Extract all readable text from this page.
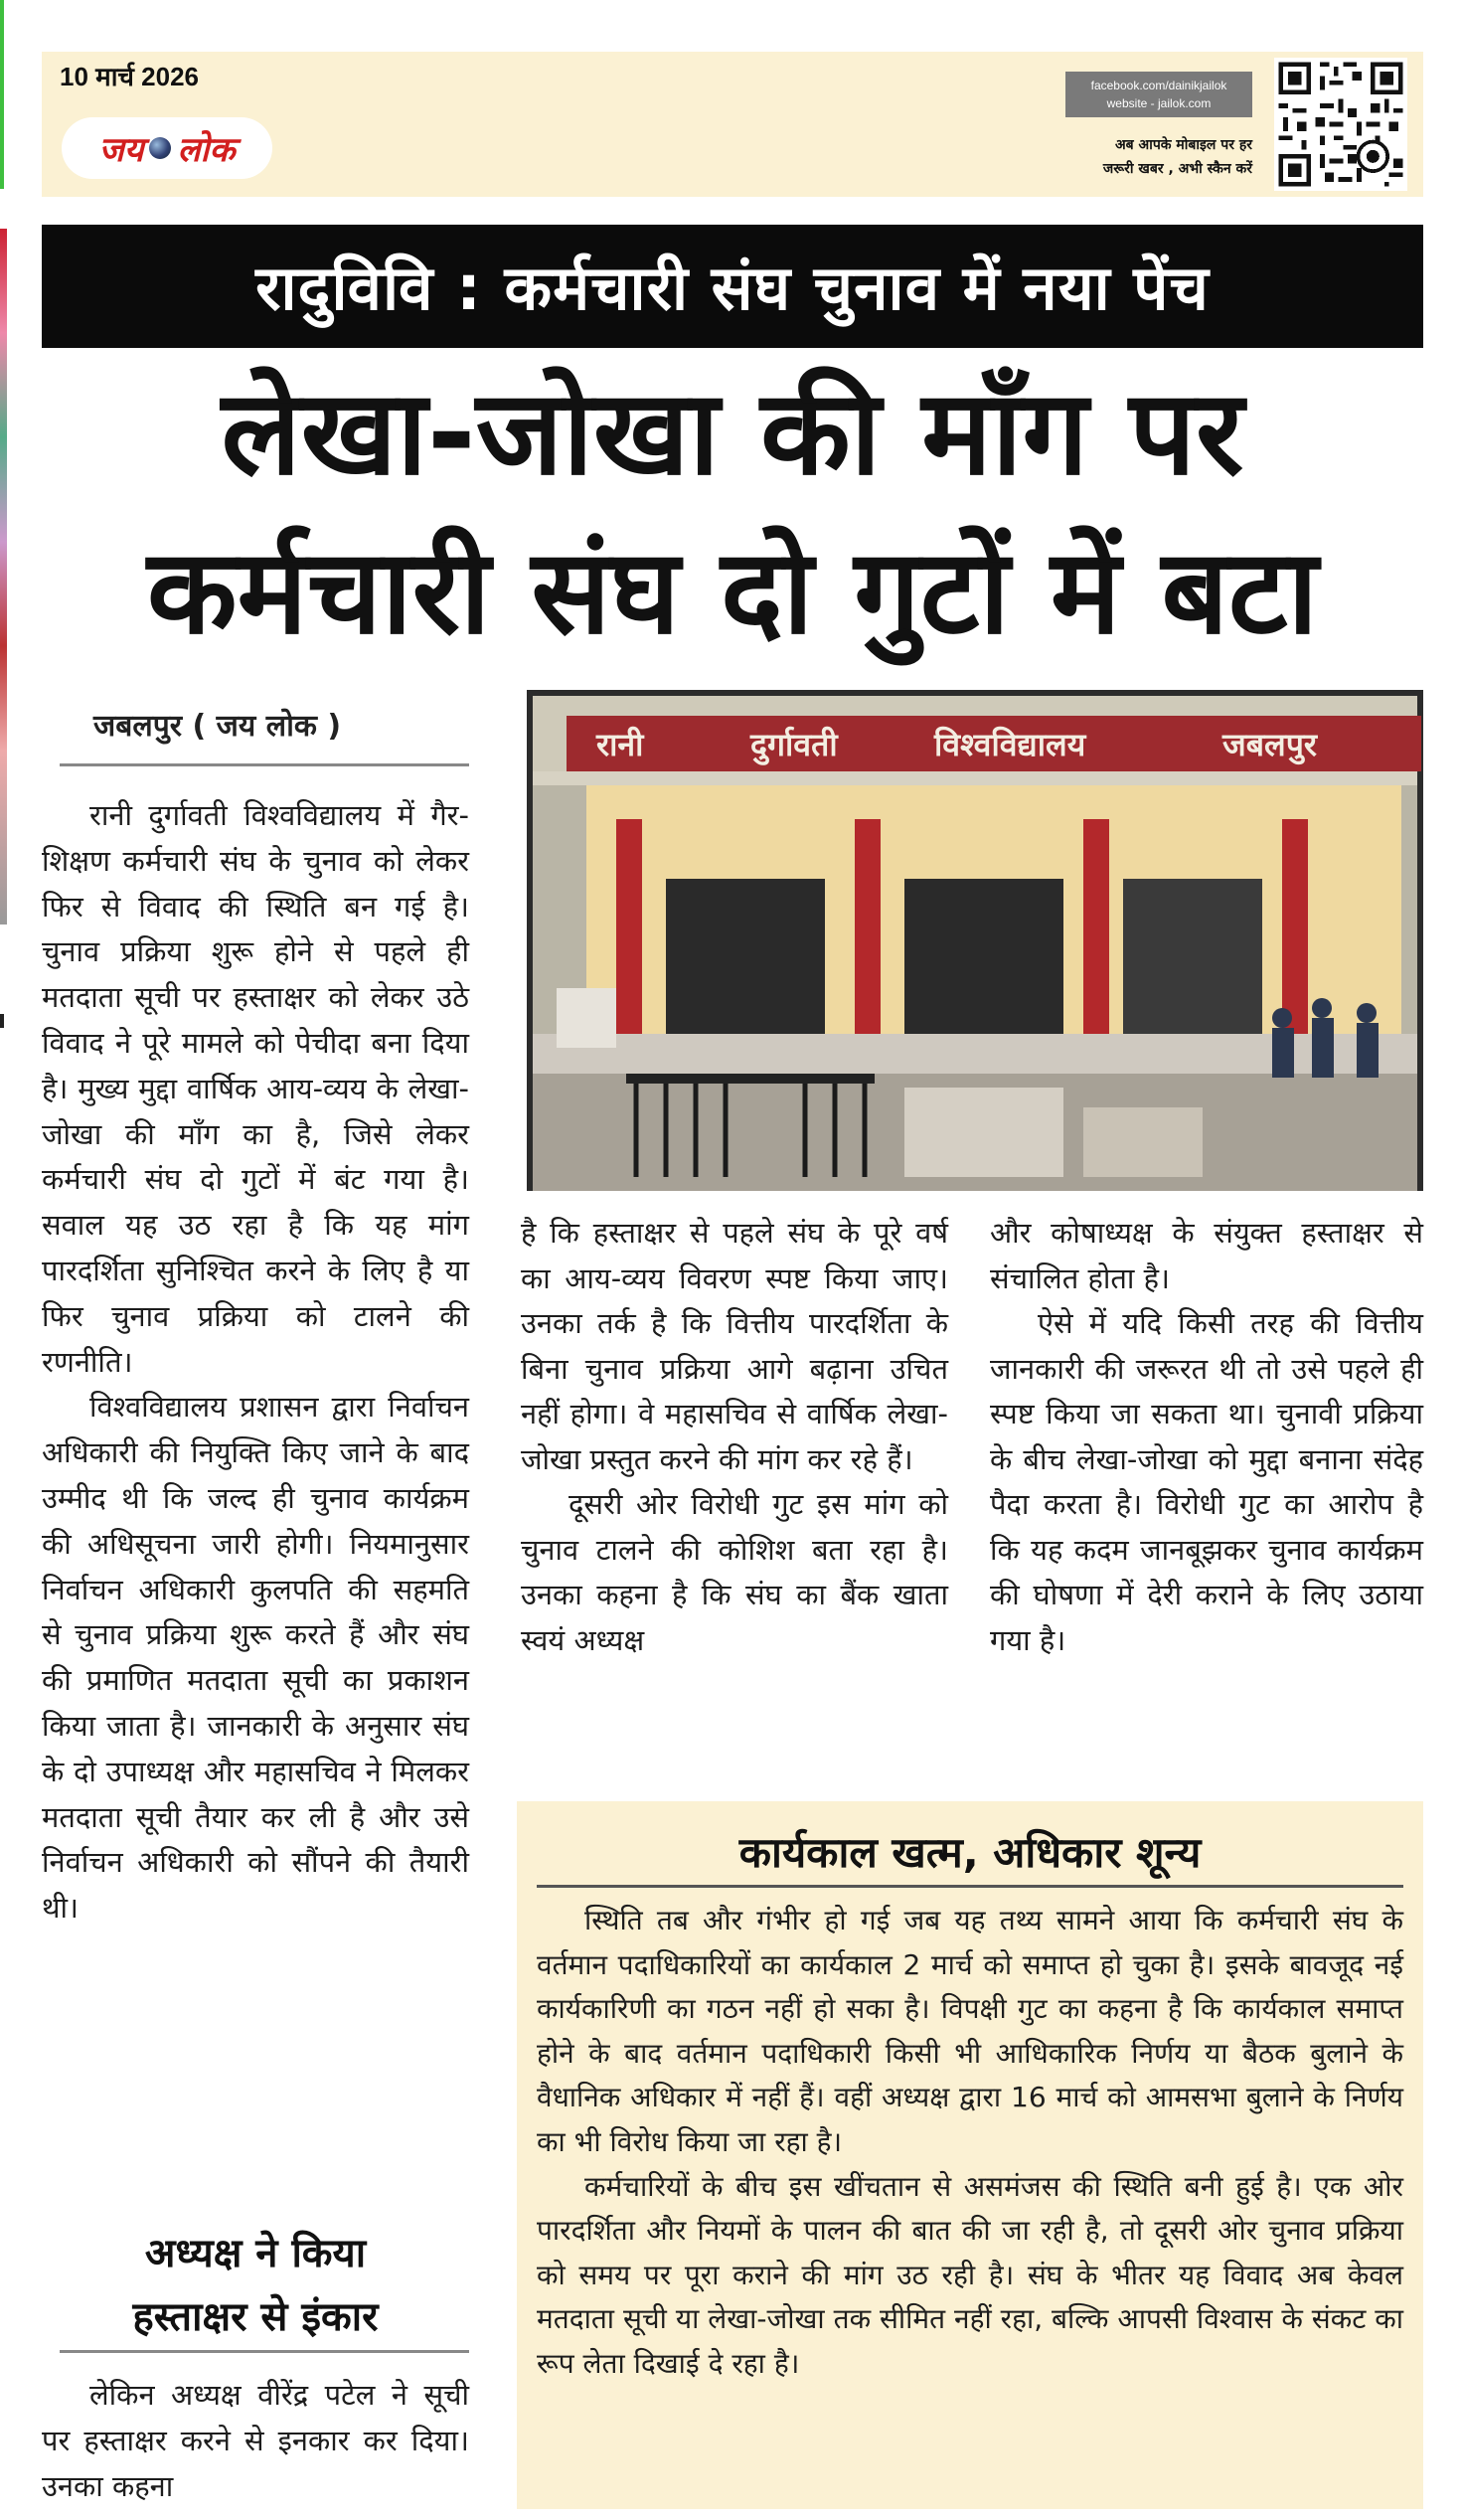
10 मार्च 2026
जय लोक
facebook.com/dainikjailok
website - jailok.com
अब आपके मोबाइल पर हर
जरूरी खबर , अभी स्कैन करें
रादुविवि : कर्मचारी संघ चुनाव में नया पेंच
लेखा-जोखा की माँग पर
कर्मचारी संघ दो गुटों में बटा
जबलपुर ( जय लोक )

रानी दुर्गावती विश्वविद्यालय में गैर-शिक्षण कर्मचारी संघ के चुनाव को लेकर फिर से विवाद की स्थिति बन गई है। चुनाव प्रक्रिया शुरू होने से पहले ही मतदाता सूची पर हस्ताक्षर को लेकर उठे विवाद ने पूरे मामले को पेचीदा बना दिया है। मुख्य मुद्दा वार्षिक आय-व्यय के लेखा-जोखा की माँग का है, जिसे लेकर कर्मचारी संघ दो गुटों में बंट गया है। सवाल यह उठ रहा है कि यह मांग पारदर्शिता सुनिश्चित करने के लिए है या फिर चुनाव प्रक्रिया को टालने की रणनीति।

विश्वविद्यालय प्रशासन द्वारा निर्वाचन अधिकारी की नियुक्ति किए जाने के बाद उम्मीद थी कि जल्द ही चुनाव कार्यक्रम की अधिसूचना जारी होगी। नियमानुसार निर्वाचन अधिकारी कुलपति की सहमति से चुनाव प्रक्रिया शुरू करते हैं और संघ की प्रमाणित मतदाता सूची का प्रकाशन किया जाता है। जानकारी के अनुसार संघ के दो उपाध्यक्ष और महासचिव ने मिलकर मतदाता सूची तैयार कर ली है और उसे निर्वाचन अधिकारी को सौंपने की तैयारी थी।

अध्यक्ष ने किया
हस्ताक्षर से इंकार

लेकिन अध्यक्ष वीरेंद्र पटेल ने सूची पर हस्ताक्षर करने से इनकार कर दिया। उनका कहना

रानी	दुर्गावती	विश्वविद्यालय	जबलपुर

है कि हस्ताक्षर से पहले संघ के पूरे वर्ष का आय-व्यय विवरण स्पष्ट किया जाए। उनका तर्क है कि वित्तीय पारदर्शिता के बिना चुनाव प्रक्रिया आगे बढ़ाना उचित नहीं होगा। वे महासचिव से वार्षिक लेखा-जोखा प्रस्तुत करने की मांग कर रहे हैं।

दूसरी ओर विरोधी गुट इस मांग को चुनाव टालने की कोशिश बता रहा है। उनका कहना है कि संघ का बैंक खाता स्वयं अध्यक्ष

और कोषाध्यक्ष के संयुक्त हस्ताक्षर से संचालित होता है।

ऐसे में यदि किसी तरह की वित्तीय जानकारी की जरूरत थी तो उसे पहले ही स्पष्ट किया जा सकता था। चुनावी प्रक्रिया के बीच लेखा-जोखा को मुद्दा बनाना संदेह पैदा करता है। विरोधी गुट का आरोप है कि यह कदम जानबूझकर चुनाव कार्यक्रम की घोषणा में देरी कराने के लिए उठाया गया है।

कार्यकाल खत्म, अधिकार शून्य

स्थिति तब और गंभीर हो गई जब यह तथ्य सामने आया कि कर्मचारी संघ के वर्तमान पदाधिकारियों का कार्यकाल 2 मार्च को समाप्त हो चुका है। इसके बावजूद नई कार्यकारिणी का गठन नहीं हो सका है। विपक्षी गुट का कहना है कि कार्यकाल समाप्त होने के बाद वर्तमान पदाधिकारी किसी भी आधिकारिक निर्णय या बैठक बुलाने के वैधानिक अधिकार में नहीं हैं। वहीं अध्यक्ष द्वारा 16 मार्च को आमसभा बुलाने के निर्णय का भी विरोध किया जा रहा है।

कर्मचारियों के बीच इस खींचतान से असमंजस की स्थिति बनी हुई है। एक ओर पारदर्शिता और नियमों के पालन की बात की जा रही है, तो दूसरी ओर चुनाव प्रक्रिया को समय पर पूरा कराने की मांग उठ रही है। संघ के भीतर यह विवाद अब केवल मतदाता सूची या लेखा-जोखा तक सीमित नहीं रहा, बल्कि आपसी विश्वास के संकट का रूप लेता दिखाई दे रहा है।
